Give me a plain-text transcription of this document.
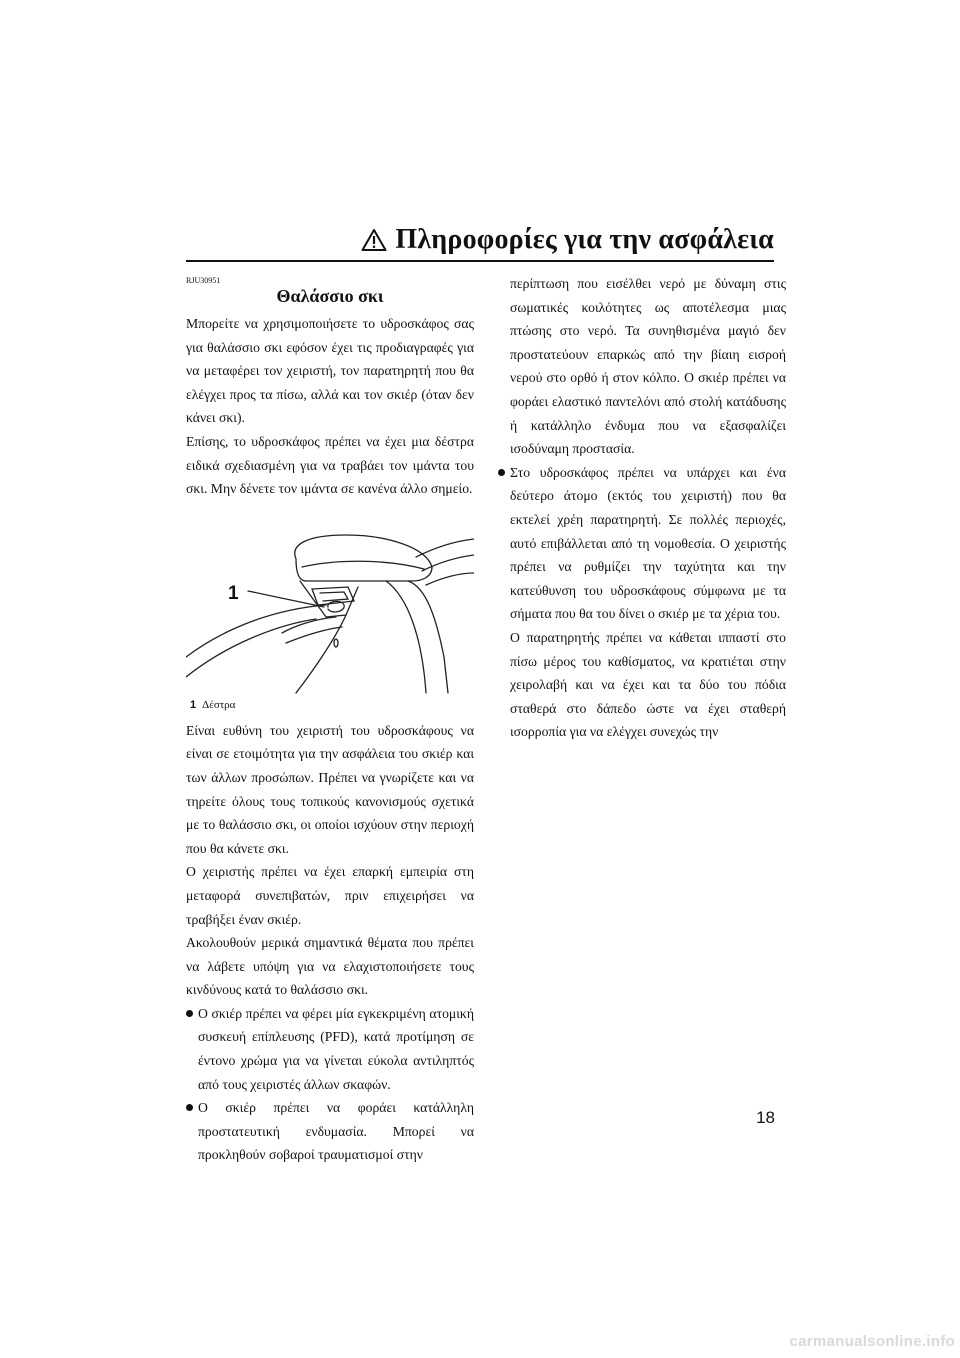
Πληροφορίες για την ασφάλεια
RJU30951
Θαλάσσιο σκι

Μπορείτε να χρησιμοποιήσετε το υδροσκάφος σας για θαλάσσιο σκι εφόσον έχει τις προδιαγραφές για να μεταφέρει τον χειριστή, τον παρατηρητή που θα ελέγχει προς τα πίσω, αλλά και τον σκιέρ (όταν δεν κάνει σκι).

Επίσης, το υδροσκάφος πρέπει να έχει μια δέστρα ειδικά σχεδιασμένη για να τραβάει τον ιμάντα του σκι. Μην δένετε τον ιμάντα σε κανένα άλλο σημείο.

1
1 Δέστρα

Είναι ευθύνη του χειριστή του υδροσκάφους να είναι σε ετοιμότητα για την ασφάλεια του σκιέρ και των άλλων προσώπων. Πρέπει να γνωρίζετε και να τηρείτε όλους τους τοπικούς κανονισμούς σχετικά με το θαλάσσιο σκι, οι οποίοι ισχύουν στην περιοχή που θα κάνετε σκι.

Ο χειριστής πρέπει να έχει επαρκή εμπειρία στη μεταφορά συνεπιβατών, πριν επιχειρήσει να τραβήξει έναν σκιέρ.

Ακολουθούν μερικά σημαντικά θέματα που πρέπει να λάβετε υπόψη για να ελαχιστοποιήσετε τους κινδύνους κατά το θαλάσσιο σκι.

Ο σκιέρ πρέπει να φέρει μία εγκεκριμένη ατομική συσκευή επίπλευσης (PFD), κατά προτίμηση σε έντονο χρώμα για να γίνεται εύκολα αντιληπτός από τους χειριστές άλλων σκαφών.
Ο σκιέρ πρέπει να φοράει κατάλληλη προστατευτική ενδυμασία. Μπορεί να προκληθούν σοβαροί τραυματισμοί στην
περίπτωση που εισέλθει νερό με δύναμη στις σωματικές κοιλότητες ως αποτέλεσμα μιας πτώσης στο νερό. Τα συνηθισμένα μαγιό δεν προστατεύουν επαρκώς από την βίαιη εισροή νερού στο ορθό ή στον κόλπο. Ο σκιέρ πρέπει να φοράει ελαστικό παντελόνι από στολή κατάδυσης ή κατάλληλο ένδυμα που να εξασφαλίζει ισοδύναμη προστασία.
Στο υδροσκάφος πρέπει να υπάρχει και ένα δεύτερο άτομο (εκτός του χειριστή) που θα εκτελεί χρέη παρατηρητή. Σε πολλές περιοχές, αυτό επιβάλλεται από τη νομοθεσία. Ο χειριστής πρέπει να ρυθμίζει την ταχύτητα και την κατεύθυνση του υδροσκάφους σύμφωνα με τα σήματα που θα του δίνει ο σκιέρ με τα χέρια του.
Ο παρατηρητής πρέπει να κάθεται ιππαστί στο πίσω μέρος του καθίσματος, να κρατιέται στην χειρολαβή και να έχει και τα δύο του πόδια σταθερά στο δάπεδο ώστε να έχει σταθερή ισορροπία για να ελέγχει συνεχώς την
18
carmanualsonline.info
